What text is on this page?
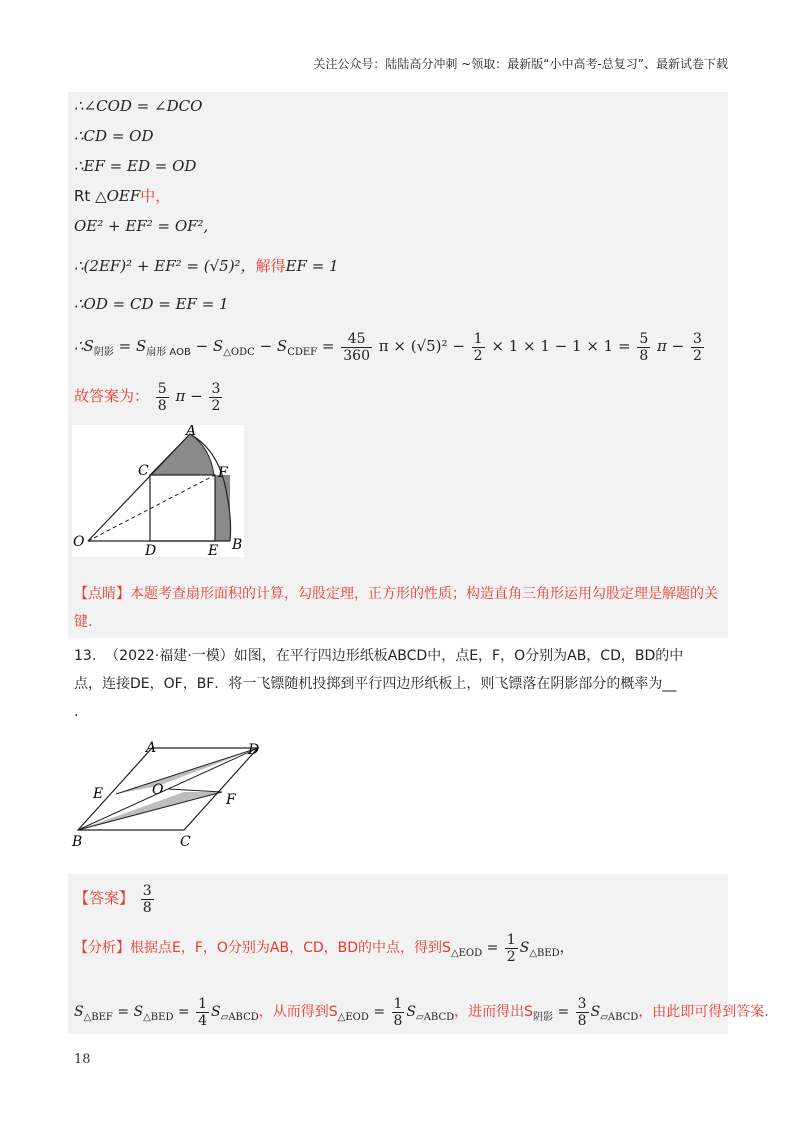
关注公众号：陆陆高分冲刺 ~领取：最新版“小中高考-总复习”、最新试卷下载
∴∠COD = ∠DCO
∴CD = OD
∴EF = ED = OD
Rt △OEF中，
OE² + EF² = OF²,
∴(2EF)² + EF² = (√5)²，解得EF = 1
∴OD = CD = EF = 1
$\therefore S_{阴影} = S_{扇形 AOB} - S_{\triangle ODC} - S_{CDEF} = \frac{45}{360}$ $\pi \times (√5)^2 - \frac{1}{2} \times 1 \times 1 - 1 \times 1 = \frac{5}{8}$ $\pi - \frac{3}{2}$
故答案为： $\frac{5}{8}$ $\pi - \frac{3}{2}$
A
C	F
O
D	E B
【点睛】本题考查扇形面积的计算，勾股定理，正方形的性质；构造直角三角形运用勾股定理是解题的关键.
13. （2022·福建·一模）如图，在平行四边形纸板ABCD中，点E，F，O分别为AB，CD，BD的中
点，连接DE，OF，BF．将一飞镖随机投掷到平行四边形纸板上，则飞镖落在阴影部分的概率为__
.
A	D
E	O
F
B	C
【答案】 $\frac{3}{8}$
【分析】根据点E，F，O分别为AB，CD，BD的中点，得到$S_{\triangle EOD} = \frac{1}{2} S_{\triangle BED}$，
$S_{\triangle BEF} = S_{\triangle BED} = \frac{1}{4} S_{▱ABCD}$，从而得到$S_{\triangle EOD} = \frac{1}{8} S_{▱ABCD}$，进而得出$S_{阴影} = \frac{3}{8} S_{▱ABCD}$，由此即可得到答案.
18
